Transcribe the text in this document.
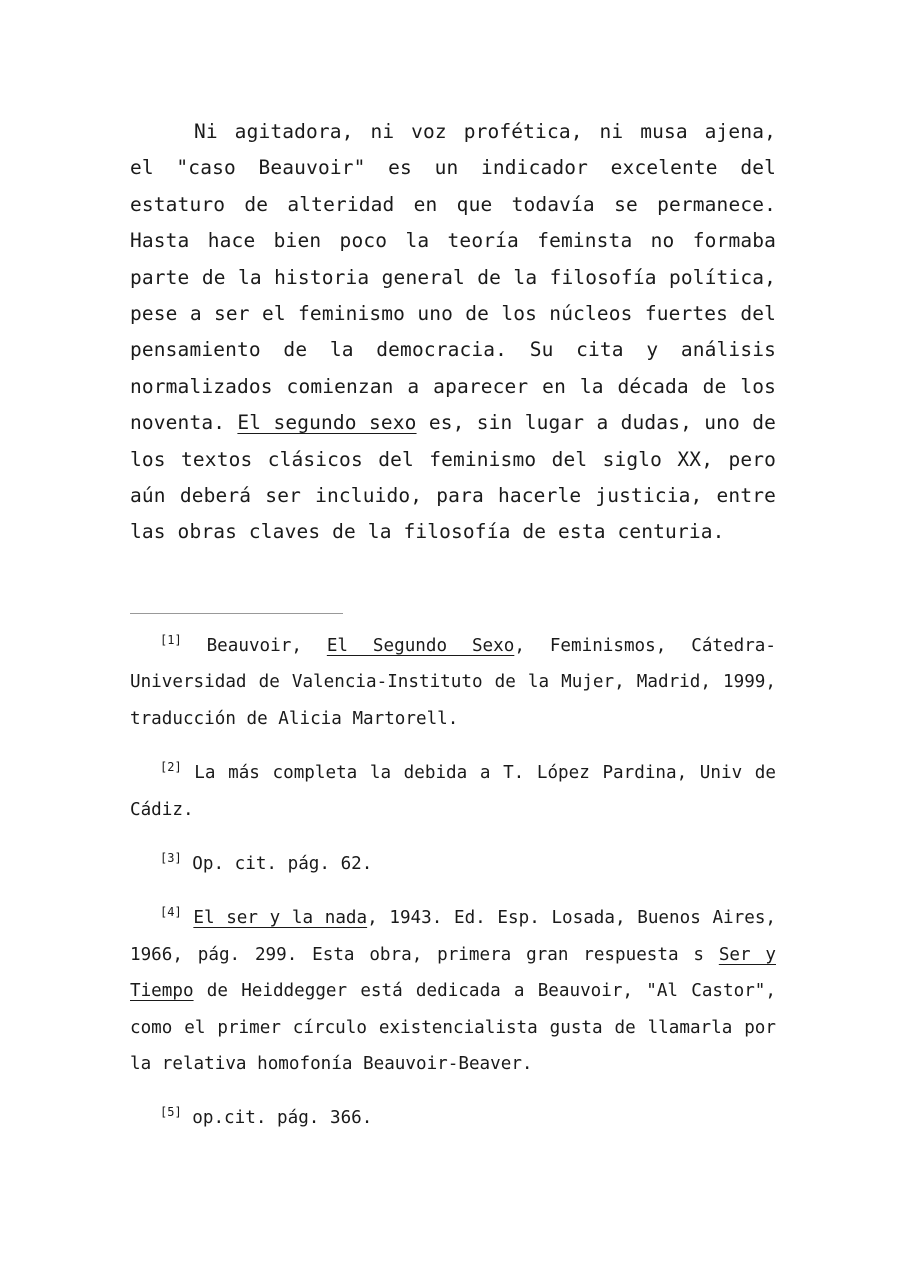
Ni agitadora, ni voz profética, ni musa ajena, el "caso Beauvoir" es un indicador excelente del estaturo de alteridad en que todavía se permanece. Hasta hace bien poco la teoría feminsta no formaba parte de la historia general de la filosofía política, pese a ser el feminismo uno de los núcleos fuertes del pensamiento de la democracia. Su cita y análisis normalizados comienzan a aparecer en la década de los noventa. El segundo sexo es, sin lugar a dudas, uno de los textos clásicos del feminismo del siglo XX, pero aún deberá ser incluido, para hacerle justicia, entre las obras claves de la filosofía de esta centuria.

[1] Beauvoir, El Segundo Sexo, Feminismos, Cátedra-Universidad de Valencia-Instituto de la Mujer, Madrid, 1999, traducción de Alicia Martorell.

[2] La más completa la debida a T. López Pardina, Univ de Cádiz.

[3] Op. cit. pág. 62.

[4] El ser y la nada, 1943. Ed. Esp. Losada, Buenos Aires, 1966, pág. 299. Esta obra, primera gran respuesta s Ser y Tiempo de Heiddegger está dedicada a Beauvoir, "Al Castor", como el primer círculo existencialista gusta de llamarla por la relativa homofonía Beauvoir-Beaver.

[5] op.cit. pág. 366.
